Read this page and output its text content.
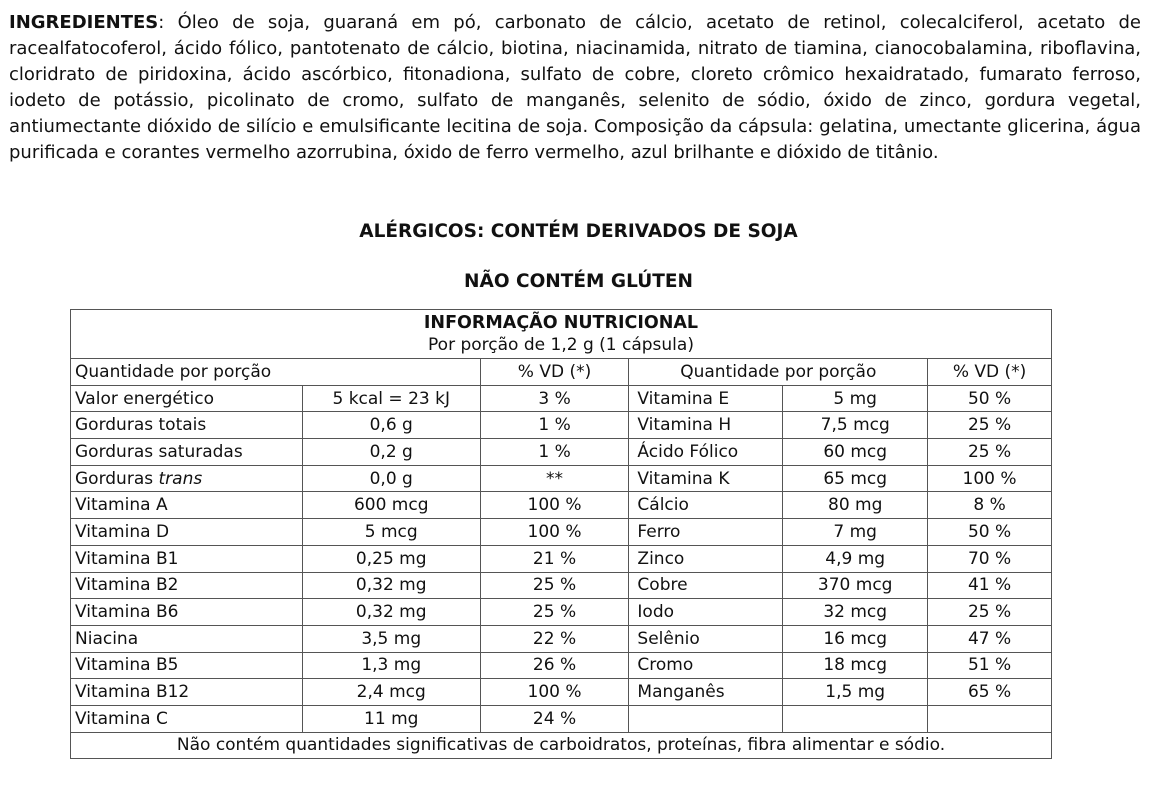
INGREDIENTES: Óleo de soja, guaraná em pó, carbonato de cálcio, acetato de retinol, colecalciferol, acetato de racealfatocoferol, ácido fólico, pantotenato de cálcio, biotina, niacinamida, nitrato de tiamina, cianocobalamina, riboflavina, cloridrato de piridoxina, ácido ascórbico, fitonadiona, sulfato de cobre, cloreto crômico hexaidratado, fumarato ferroso, iodeto de potássio, picolinato de cromo, sulfato de manganês, selenito de sódio, óxido de zinco, gordura vegetal, antiumectante dióxido de silício e emulsificante lecitina de soja. Composição da cápsula: gelatina, umectante glicerina, água purificada e corantes vermelho azorrubina, óxido de ferro vermelho, azul brilhante e dióxido de titânio.

ALÉRGICOS: CONTÉM DERIVADOS DE SOJA
NÃO CONTÉM GLÚTEN
INFORMAÇÃO NUTRICIONAL
Por porção de 1,2 g (1 cápsula)					

Quantidade por porção		% VD (*)	Quantidade por porção		% VD (*)
Valor energético	5 kcal = 23 kJ	3 %	Vitamina E	5 mg	50 %
Gorduras totais	0,6 g	1 %	Vitamina H	7,5 mcg	25 %
Gorduras saturadas	0,2 g	1 %	Ácido Fólico	60 mcg	25 %
Gorduras trans	0,0 g	**	Vitamina K	65 mcg	100 %
Vitamina A	600 mcg	100 %	Cálcio	80 mg	8 %
Vitamina D	5 mcg	100 %	Ferro	7 mg	50 %
Vitamina B1	0,25 mg	21 %	Zinco	4,9 mg	70 %
Vitamina B2	0,32 mg	25 %	Cobre	370 mcg	41 %
Vitamina B6	0,32 mg	25 %	Iodo	32 mcg	25 %
Niacina	3,5 mg	22 %	Selênio	16 mcg	47 %
Vitamina B5	1,3 mg	26 %	Cromo	18 mcg	51 %
Vitamina B12	2,4 mcg	100 %	Manganês	1,5 mg	65 %
Vitamina C	11 mg	24 %			
Não contém quantidades significativas de carboidratos, proteínas, fibra alimentar e sódio.					
